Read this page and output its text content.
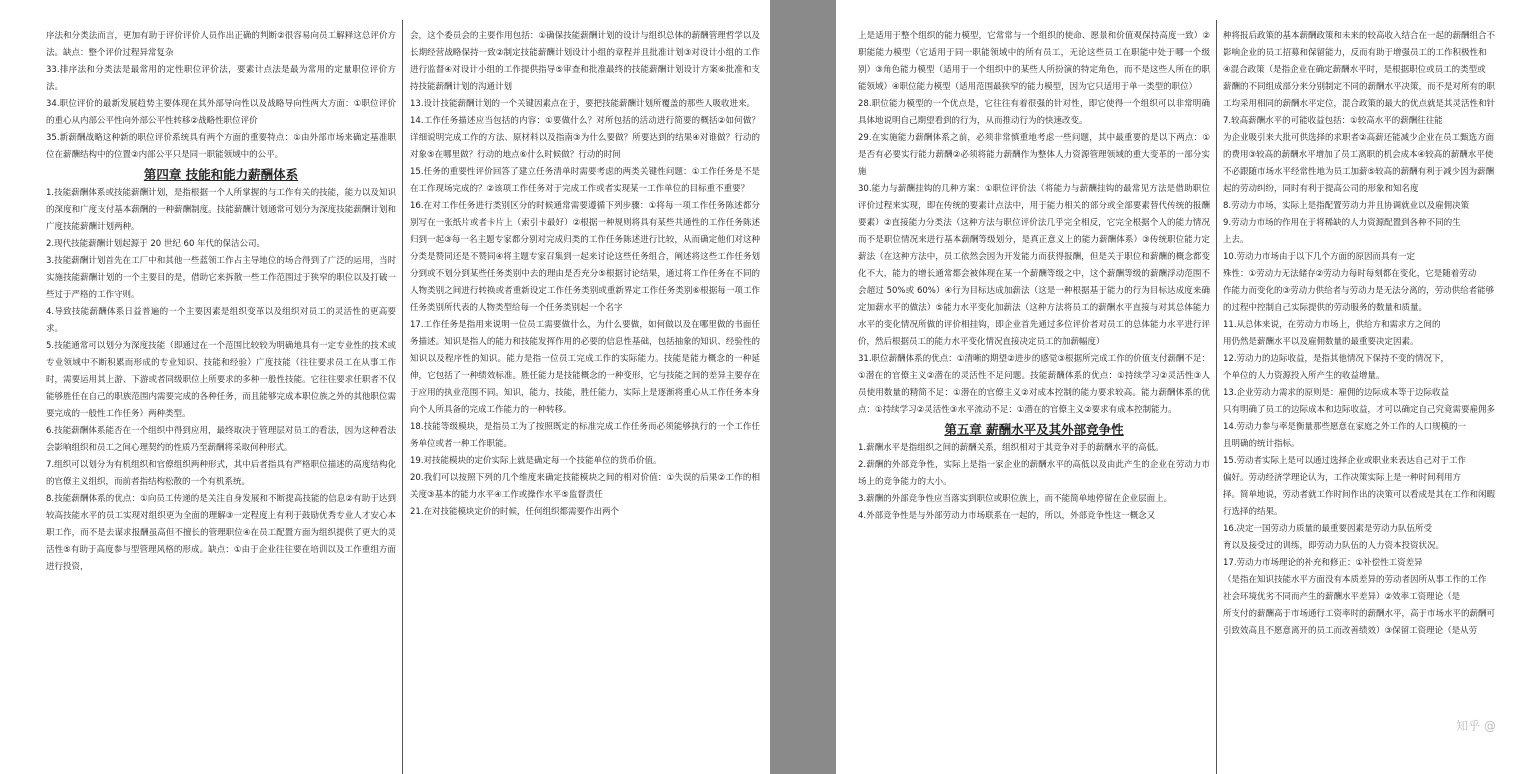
序法和分类法而言，更加有助于评价评价人员作出正确的判断②很容易向员工解释这总评价方法。缺点：整个评价过程异常复杂

33.排序法和分类法是最常用的定性职位评价法，要素计点法是最为常用的定量职位评价方法。

34.职位评价的最新发展趋势主要体现在其外部导向性以及战略导向性两大方面：①职位评价的重心从内部公平性向外部公平性转移②战略性职位评价

35.新薪酬战略这种新的职位评价系统具有两个方面的重要特点：①由外部市场来确定基准职位在薪酬结构中的位置②内部公平只是同一职能领域中的公平。

第四章 技能和能力薪酬体系

1.技能薪酬体系或技能薪酬计划，是指根据一个人所掌握的与工作有关的技能，能力以及知识的深度和广度支付基本薪酬的一种薪酬制度。技能薪酬计划通常可划分为深度技能薪酬计划和广度技能薪酬计划两种。

2.现代技能薪酬计划起源于 20 世纪 60 年代的保洁公司。

3.技能薪酬计划首先在工厂中和其他一些蓝领工作占主导地位的场合得到了广泛的运用，当时实施技能薪酬计划的一个主要目的是，借助它来拆散一些工作范围过于狭窄的职位以及打破一些过于严格的工作守则。

4.导致技能薪酬体系日益普遍的一个主要因素是组织变革以及组织对员工的灵活性的更高要求。

5.技能通常可以划分为深度技能（即通过在一个范围比较较为明确地具有一定专业性的技术或专业领域中不断积累而形成的专业知识、技能和经验）广度技能（往往要求员工在从事工作时，需要运用其上游、下游或者同级职位上所要求的多种一般性技能。它往往要求任职者不仅能够胜任在自己的职族范围内需要完成的各种任务，而且能够完成本职位族之外的其他职位需要完成的一般性工作任务）两种类型。

6.技能薪酬体系能否在一个组织中得到应用，最终取决于管理层对员工的看法，因为这种看法会影响组织和员工之间心理契约的性质乃至薪酬将采取何种形式。

7.组织可以划分为有机组织和官僚组织两种形式，其中后者指具有严格职位描述的高度结构化的官僚主义组织，而前者指结构松散的一个有机系统。

8.技能薪酬体系的优点：①向员工传递的是关注自身发展和不断提高技能的信息②有助于达到较高技能水平的员工实现对组织更为全面的理解③一定程度上有利于鼓励优秀专业人才安心本职工作，而不是去谋求报酬虽高但不擅长的管理职位④在员工配置方面为组织提供了更大的灵活性⑤有助于高度参与型管理风格的形成。缺点：①由于企业往往要在培训以及工作重组方面进行投资，

会，这个委员会的主要作用包括：①确保技能薪酬计划的设计与组织总体的薪酬管理哲学以及长期经营战略保持一致②制定技能薪酬计划设计小组的章程并且批准计划③对设计小组的工作进行监督④对设计小组的工作提供指导⑤审查和批准最终的技能薪酬计划设计方案⑥批准和支持技能薪酬计划的沟通计划

13.设计技能薪酬计划的一个关键因素点在于，要把技能薪酬计划所覆盖的那些人吸收进来。

14.工作任务描述应当包括的内容：①要做什么？对所包括的活动进行简要的概括②如何做？详细说明完成工作的方法、原材料以及指南③为什么要做？所要达到的结果④对谁做？行动的对象⑤在哪里做？行动的地点⑥什么时候做？行动的时间

15.任务的重要性评价回答了建立任务清单时需要考虑的两类关键性问题：①工作任务是不是在工作现场完成的？②该项工作任务对于完成工作或者实现某一工作单位的目标重不重要？

16.在对工作任务进行类别区分的时候通常需要遵循下列步骤：①将每一项工作任务陈述都分别写在一张纸片或者卡片上（索引卡最好）②根据一种规则将具有某些共通性的工作任务陈述归到一起③每一名主题专家都分别对完成归类的工作任务陈述进行比较，从而确定他们对这种分类是赞同还是不赞同④将主题专家召集到一起来讨论这些任务组合，阐述将这些工作任务划分到或不划分到某些任务类别中去的理由是否充分⑤根据讨论结果，通过将工作任务在不同的人物类别之间进行转换或者重新设定工作任务类别或重新界定工作任务类别⑥根据每一项工作任务类别所代表的人物类型给每一个任务类别起一个名字

17.工作任务是指用来说明一位员工需要做什么，为什么要做，如何做以及在哪里做的书面任务描述。知识是指人的能力和技能发挥作用的必要的信息性基础，包括抽象的知识、经验性的知识以及程序性的知识。能力是指一位员工完成工作的实际能力。技能是能力概念的一种延伸，它包括了一种绩效标准。胜任能力是技能概念的一种变形，它与技能之间的差异主要存在于应用的执业范围不同。知识，能力，技能，胜任能力，实际上是逐渐将重心从工作任务本身向个人所具备的完成工作能力的一种转移。

18.技能等级模块，是指员工为了按照既定的标准完成工作任务而必须能够执行的一个工作任务单位或者一种工作职能。

19.对技能模块的定价实际上就是确定每一个技能单位的货币价值。

20.我们可以按照下列的几个维度来确定技能模块之间的相对价值：①失误的后果②工作的相关度③基本的能力水平④工作或操作水平⑤监督责任

21.在对技能模块定价的时候，任何组织都需要作出两个

上是适用于整个组织的能力模型，它常常与一个组织的使命、愿景和价值观保持高度一致）②职能能力模型（它适用于同一职能领域中的所有员工，无论这些员工在职能中处于哪一个级别）③角色能力模型（适用于一个组织中的某些人所扮演的特定角色，而不是这些人所在的职能领域）④职位能力模型（适用范围最狭窄的能力模型，因为它只适用于单一类型的职位）

28.职位能力模型的一个优点是，它往往有着很强的针对性，即它使得一个组织可以非常明确具体地说明自己期望看到的行为，从而推动行为的快速改变。

29.在实施能力薪酬体系之前，必须非常慎重地考虑一些问题，其中最重要的是以下两点：①是否有必要实行能力薪酬②必须将能力薪酬作为整体人力资源管理领域的重大变革的一部分实施

30.能力与薪酬挂钩的几种方案：①职位评价法（将能力与薪酬挂钩的最常见方法是借助职位评价过程来实现，即在传统的要素计点法中，用于能力相关的部分或全部要素替代传统的报酬要素）②直接能力分类法（这种方法与职位评价法几乎完全相反，它完全根据个人的能力情况而不是职位情况来进行基本薪酬等级划分，是真正意义上的能力薪酬体系）③传统职位能力定薪法（在这种方法中，员工依然会因为开发能力而获得报酬，但是关于职位和薪酬的概念都变化不大，能力的增长通常都会被体现在某一个薪酬等级之中，这个薪酬等级的薪酬浮动范围不会超过 50%或 60%）④行为目标达成加薪法（这是一种根据基于能力的行为目标达成度来确定加薪水平的做法）⑤能力水平变化加薪法（这种方法将员工的薪酬水平直接与对其总体能力水平的变化情况所做的评价相挂钩，即企业首先通过多位评价者对员工的总体能力水平进行评价，然后根据员工的能力水平变化情况直接决定员工的加薪幅度）

31.职位薪酬体系的优点：①清晰的期望②进步的感觉③根据所完成工作的价值支付薪酬不足：①潜在的官僚主义②潜在的灵活性不足问题。技能薪酬体系的优点：①持续学习②灵活性③人员使用数量的精简不足：①潜在的官僚主义②对成本控制的能力要求较高。能力薪酬体系的优点：①持续学习②灵活性③水平流动不足：①潜在的官僚主义②要求有成本控制能力。

第五章 薪酬水平及其外部竞争性

1.薪酬水平是指组织之间的薪酬关系，组织相对于其竞争对手的薪酬水平的高低。

2.薪酬的外部竞争性，实际上是指一家企业的薪酬水平的高低以及由此产生的企业在劳动力市场上的竞争能力的大小。

3.薪酬的外部竞争性应当落实到职位或职位族上，而不能简单地停留在企业层面上。

4.外部竞争性是与外部劳动力市场联系在一起的，所以，外部竞争性这一概念又

种将报后政策的基本薪酬政策和未来的较高收入结合在一起的薪酬组合不

影响企业的员工招募和保留能力，反而有助于增强员工的工作积极性和

④混合政策（是指企业在确定薪酬水平时，是根据职位或员工的类型或

薪酬的不同组成部分来分别制定不同的薪酬水平决策，而不是对所有的职

工均采用相同的薪酬水平定位，混合政策的最大的优点就是其灵活性和针

7.较高薪酬水平的可能收益包括：①较高水平的薪酬往往能

为企业吸引来大批可供选择的求职者②高薪还能减少企业在员工甄选方面

的费用③较高的薪酬水平增加了员工离职的机会成本④较高的薪酬水平使

不必跟随市场水平经常性地为员工加薪⑤较高的薪酬有利于减少因为薪酬

起的劳动纠纷，同时有利于提高公司的形象和知名度

8.劳动力市场，实际上是指配置劳动力并且协调就业以及雇佣决策

9.劳动力市场的作用在于将稀缺的人力资源配置到各种不同的生

上去。

10.劳动力市场由于以下几个方面的原因而具有一定

殊性：①劳动力无法储存②劳动力每时每刻都在变化，它是随着劳动

作能力而变化的③劳动力供给者与劳动力是无法分离的，劳动供给者能够

的过程中控制自己实际提供的劳动服务的数量和质量。

11.从总体来说，在劳动力市场上，供给方和需求方之间的

用仍然是薪酬水平以及雇佣数量的最重要决定因素。

12.劳动力的边际收益，是指其他情况下保持不变的情况下，

个单位的人力资源投入所产生的收益增量。

13.企业劳动力需求的原则是：雇佣的边际成本等于边际收益

只有明确了员工的边际成本和边际收益，才可以确定自己究竟需要雇佣多

14.劳动力参与率是衡量那些愿意在家庭之外工作的人口规模的一

且明确的统计指标。

15.劳动者实际上是可以通过选择企业或职业来表达自己对于工作

偏好。劳动经济学理论认为，工作决策实际上是一种时间利用方

择。简单地说，劳动者就工作时间作出的决策可以看成是其在工作和闲暇

行选择的结果。

16.决定一国劳动力质量的最重要因素是劳动力队伍所受

育以及接受过的训练，即劳动力队伍的人力资本投资状况。

17.劳动力市场理论的补充和修正：①补偿性工资差异

（是指在知识技能水平方面没有本质差异的劳动者因所从事工作的工作

社会环境优劣不同而产生的薪酬水平差异）②效率工资理论（是

所支付的薪酬高于市场通行工资率时的薪酬水平，高于市场水平的薪酬可

引致效高且不愿意离开的员工而改善绩效）③保留工资理论（是从劳

知乎 @
